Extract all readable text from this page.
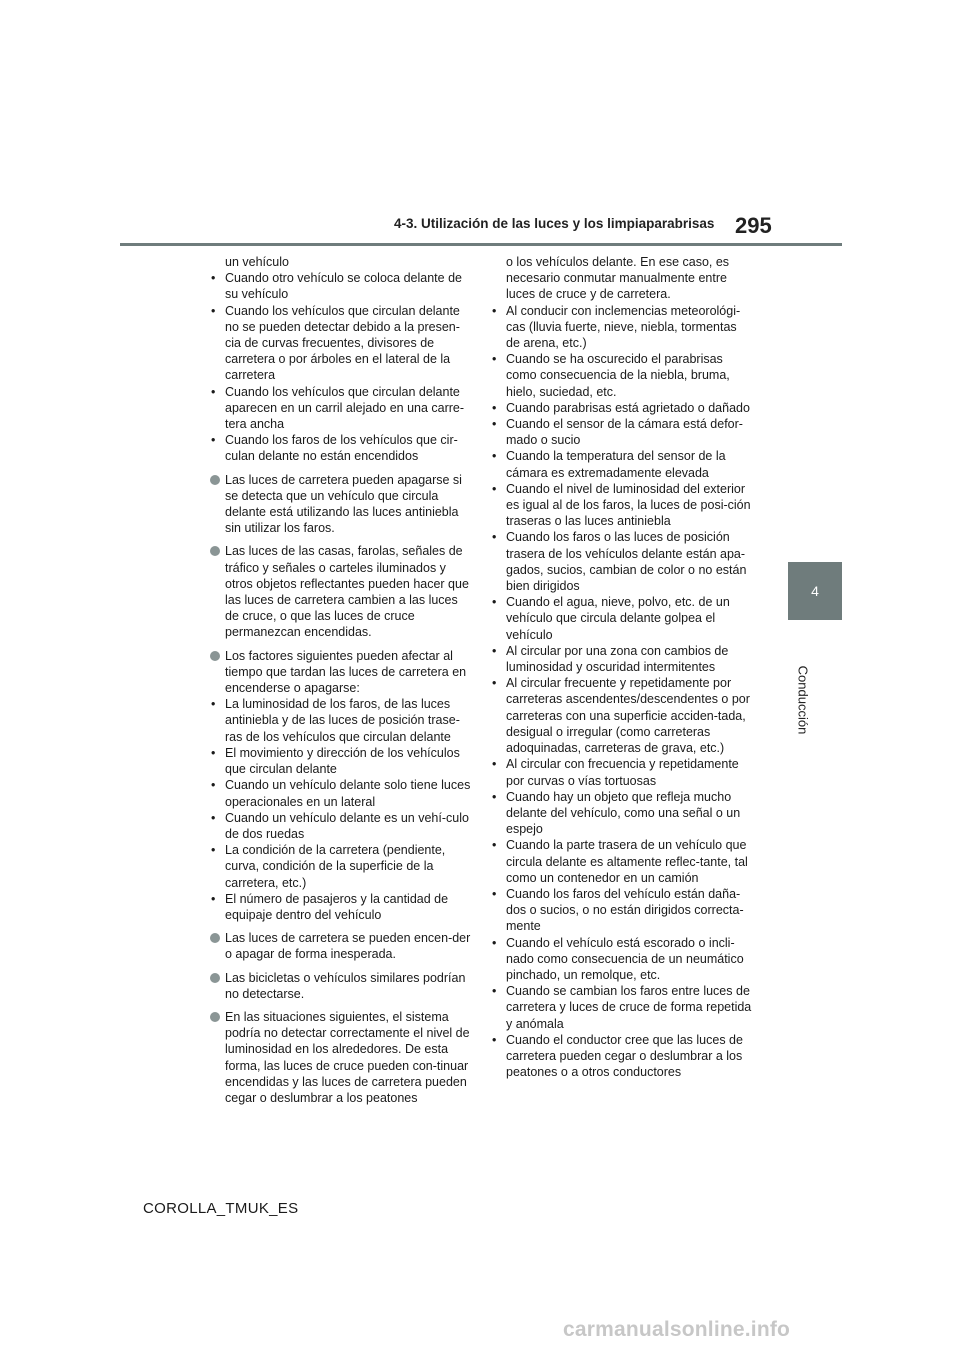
4-3. Utilización de las luces y los limpiaparabrisas 295
4
Conducción
un vehículo
• Cuando otro vehículo se coloca delante de su vehículo
• Cuando los vehículos que circulan delante no se pueden detectar debido a la presen-cia de curvas frecuentes, divisores de carretera o por árboles en el lateral de la carretera
• Cuando los vehículos que circulan delante aparecen en un carril alejado en una carre-tera ancha
• Cuando los faros de los vehículos que cir-culan delante no están encendidos
Las luces de carretera pueden apagarse si se detecta que un vehículo que circula delante está utilizando las luces antiniebla sin utilizar los faros.
Las luces de las casas, farolas, señales de tráfico y señales o carteles iluminados y otros objetos reflectantes pueden hacer que las luces de carretera cambien a las luces de cruce, o que las luces de cruce permanezcan encendidas.
Los factores siguientes pueden afectar al tiempo que tardan las luces de carretera en encenderse o apagarse:
• La luminosidad de los faros, de las luces antiniebla y de las luces de posición trase-ras de los vehículos que circulan delante
• El movimiento y dirección de los vehículos que circulan delante
• Cuando un vehículo delante solo tiene luces operacionales en un lateral
• Cuando un vehículo delante es un vehí-culo de dos ruedas
• La condición de la carretera (pendiente, curva, condición de la superficie de la carretera, etc.)
• El número de pasajeros y la cantidad de equipaje dentro del vehículo
Las luces de carretera se pueden encen-der o apagar de forma inesperada.
Las bicicletas o vehículos similares podrían no detectarse.
En las situaciones siguientes, el sistema podría no detectar correctamente el nivel de luminosidad en los alrededores. De esta forma, las luces de cruce pueden con-tinuar encendidas y las luces de carretera pueden cegar o deslumbrar a los peatones
o los vehículos delante. En ese caso, es necesario conmutar manualmente entre luces de cruce y de carretera.
• Al conducir con inclemencias meteorológi-cas (lluvia fuerte, nieve, niebla, tormentas de arena, etc.)
• Cuando se ha oscurecido el parabrisas como consecuencia de la niebla, bruma, hielo, suciedad, etc.
• Cuando parabrisas está agrietado o dañado
• Cuando el sensor de la cámara está defor-mado o sucio
• Cuando la temperatura del sensor de la cámara es extremadamente elevada
• Cuando el nivel de luminosidad del exterior es igual al de los faros, la luces de posi-ción traseras o las luces antiniebla
• Cuando los faros o las luces de posición trasera de los vehículos delante están apa-gados, sucios, cambian de color o no están bien dirigidos
• Cuando el agua, nieve, polvo, etc. de un vehículo que circula delante golpea el vehículo
• Al circular por una zona con cambios de luminosidad y oscuridad intermitentes
• Al circular frecuente y repetidamente por carreteras ascendentes/descendentes o por carreteras con una superficie acciden-tada, desigual o irregular (como carreteras adoquinadas, carreteras de grava, etc.)
• Al circular con frecuencia y repetidamente por curvas o vías tortuosas
• Cuando hay un objeto que refleja mucho delante del vehículo, como una señal o un espejo
• Cuando la parte trasera de un vehículo que circula delante es altamente reflec-tante, tal como un contenedor en un camión
• Cuando los faros del vehículo están daña-dos o sucios, o no están dirigidos correcta-mente
• Cuando el vehículo está escorado o incli-nado como consecuencia de un neumático pinchado, un remolque, etc.
• Cuando se cambian los faros entre luces de carretera y luces de cruce de forma repetida y anómala
• Cuando el conductor cree que las luces de carretera pueden cegar o deslumbrar a los peatones o a otros conductores
COROLLA_TMUK_ES
carmanualsonline.info
